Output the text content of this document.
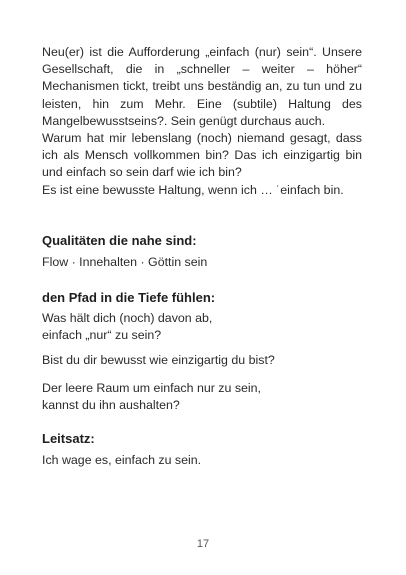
Neu(er) ist die Aufforderung „einfach (nur) sein“. Unsere Gesellschaft, die in „schneller – weiter – höher“ Mechanismen tickt, treibt uns beständig an, zu tun und zu leisten, hin zum Mehr. Eine (subtile) Haltung des Mangelbewusstseins?. Sein genügt durchaus auch.

Warum hat mir lebenslang (noch) niemand gesagt, dass ich als Mensch vollkommen bin? Das ich einzigartig bin und einfach so sein darf wie ich bin?

Es ist eine bewusste Haltung, wenn ich … ˙einfach bin.

Qualitäten die nahe sind:
Flow · Innehalten · Göttin sein
den Pfad in die Tiefe fühlen:
Was hält dich (noch) davon ab,
einfach „nur“ zu sein?
Bist du dir bewusst wie einzigartig du bist?
Der leere Raum um einfach nur zu sein,
kannst du ihn aushalten?
Leitsatz:
Ich wage es, einfach zu sein.
17
